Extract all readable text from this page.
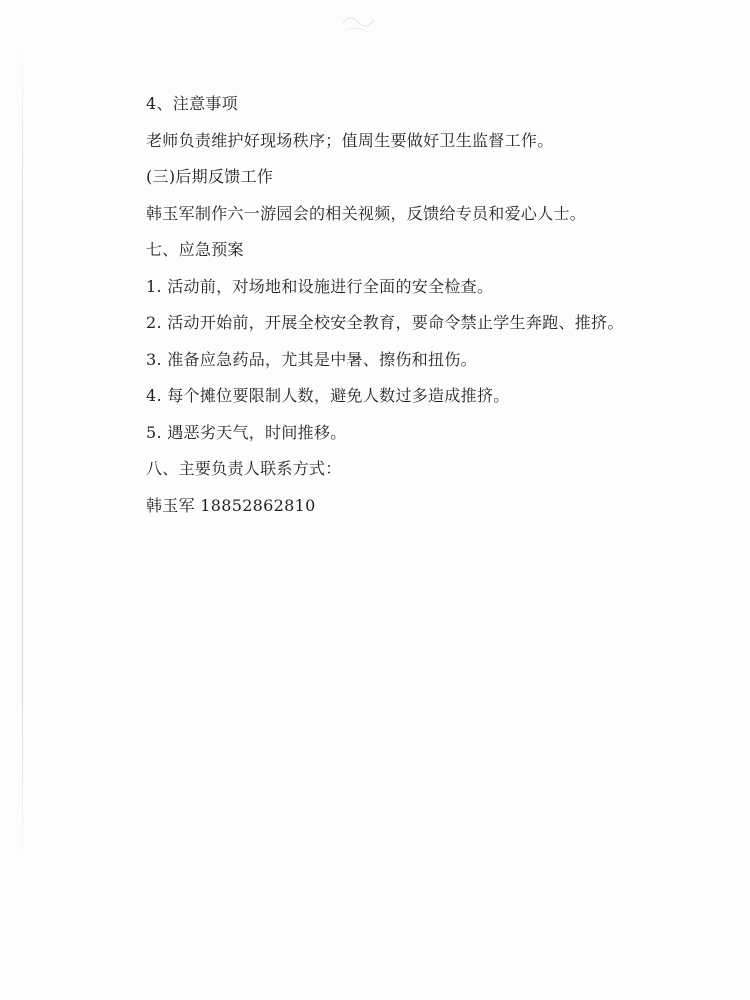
4、注意事项
老师负责维护好现场秩序；值周生要做好卫生监督工作。
(三)后期反馈工作
韩玉军制作六一游园会的相关视频，反馈给专员和爱心人士。
七、应急预案
1. 活动前，对场地和设施进行全面的安全检查。
2. 活动开始前，开展全校安全教育，要命令禁止学生奔跑、推挤。
3. 准备应急药品，尤其是中暑、擦伤和扭伤。
4. 每个摊位要限制人数，避免人数过多造成推挤。
5. 遇恶劣天气，时间推移。
八、主要负责人联系方式：
韩玉军 18852862810
